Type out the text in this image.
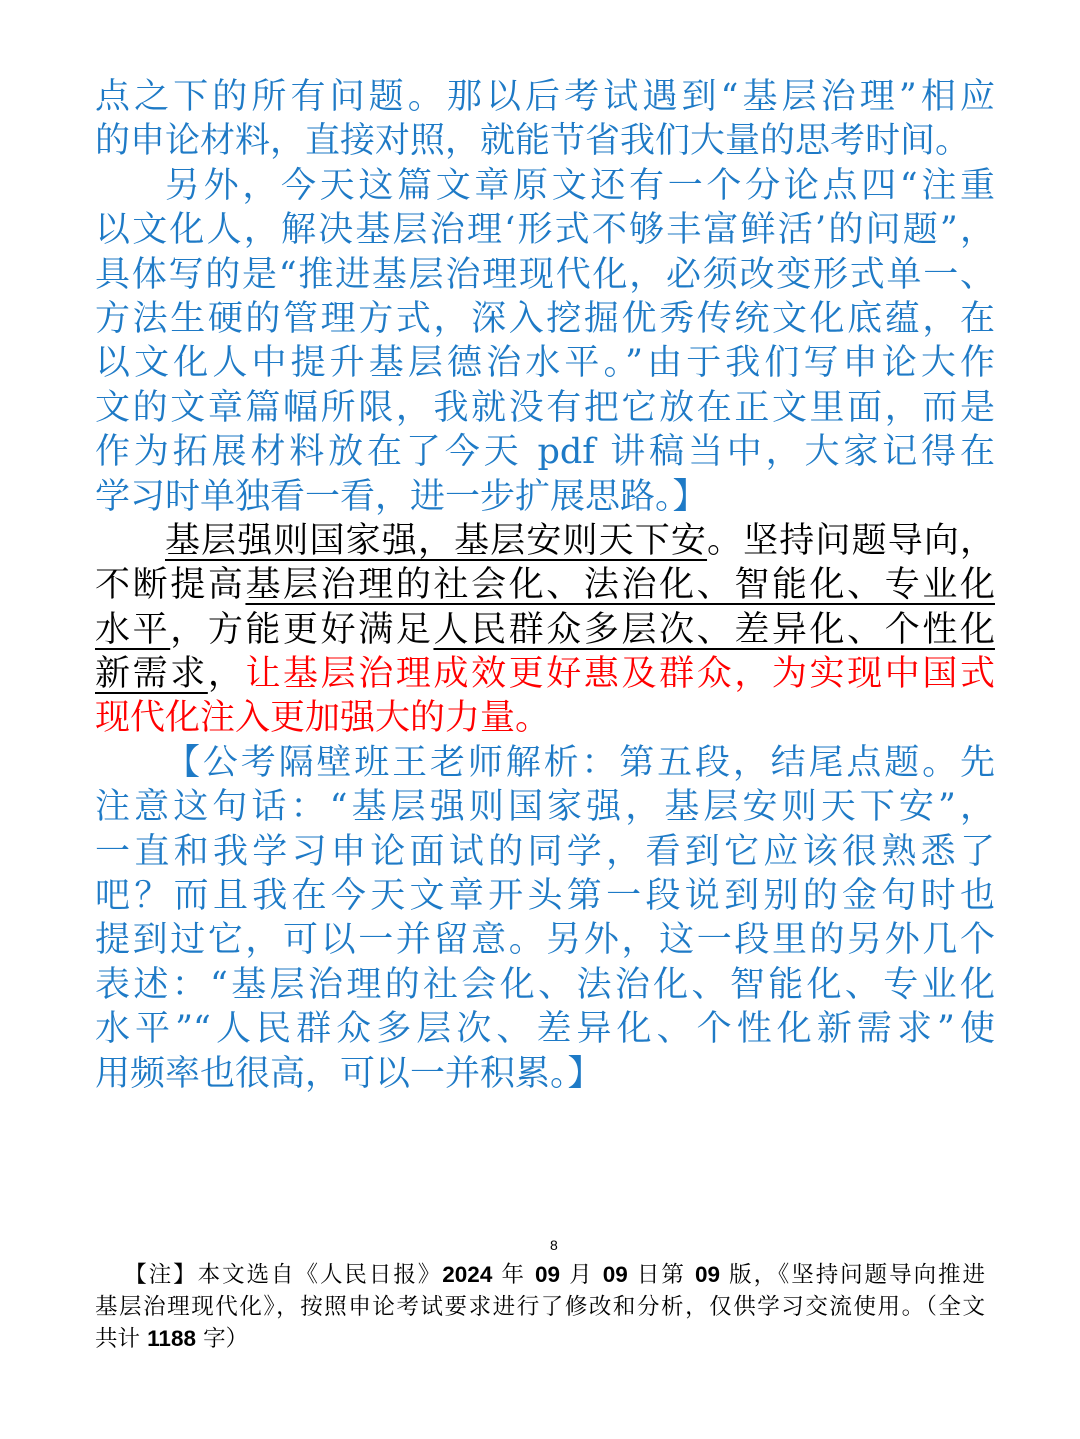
点之下的所有问题。那以后考试遇到“基层治理”相应
的申论材料，直接对照，就能节省我们大量的思考时间。
另外，今天这篇文章原文还有一个分论点四“注重
以文化人，解决基层治理‘形式不够丰富鲜活’的问题”，
具体写的是“推进基层治理现代化，必须改变形式单一、
方法生硬的管理方式，深入挖掘优秀传统文化底蕴，在
以文化人中提升基层德治水平。”由于我们写申论大作
文的文章篇幅所限，我就没有把它放在正文里面，而是
作为拓展材料放在了今天 pdf 讲稿当中，大家记得在
学习时单独看一看，进一步扩展思路。】
基层强则国家强，基层安则天下安。坚持问题导向，
不断提高基层治理的社会化、法治化、智能化、专业化
水平，方能更好满足人民群众多层次、差异化、个性化
新需求，让基层治理成效更好惠及群众，为实现中国式
现代化注入更加强大的力量。
【公考隔壁班王老师解析：第五段，结尾点题。先
注意这句话：“基层强则国家强，基层安则天下安”，
一直和我学习申论面试的同学，看到它应该很熟悉了
吧？而且我在今天文章开头第一段说到别的金句时也
提到过它，可以一并留意。另外，这一段里的另外几个
表述：“基层治理的社会化、法治化、智能化、专业化
水平”“人民群众多层次、差异化、个性化新需求”使
用频率也很高，可以一并积累。】
8
【注】本文选自《人民日报》2024 年 09 月 09 日第 09 版，《坚持问题导向推进
基层治理现代化》，按照申论考试要求进行了修改和分析，仅供学习交流使用。（全文
共计 1188 字）
